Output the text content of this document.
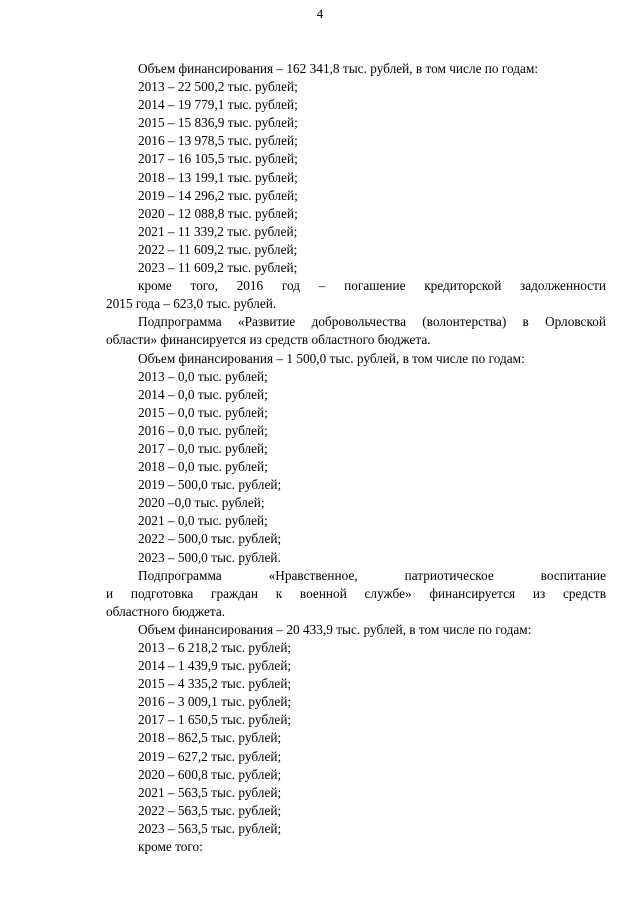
4
Объем финансирования – 162 341,8 тыс. рублей, в том числе по годам:
2013 – 22 500,2 тыс. рублей;
2014 – 19 779,1 тыс. рублей;
2015 – 15 836,9 тыс. рублей;
2016 – 13 978,5 тыс. рублей;
2017 – 16 105,5 тыс. рублей;
2018 – 13 199,1 тыс. рублей;
2019 – 14 296,2 тыс. рублей;
2020 – 12 088,8 тыс. рублей;
2021 – 11 339,2 тыс. рублей;
2022 – 11 609,2 тыс. рублей;
2023 – 11 609,2 тыс. рублей;
кроме того, 2016 год – погашение кредиторской задолженности
2015 года – 623,0 тыс. рублей.
Подпрограмма «Развитие добровольчества (волонтерства) в Орловской
области» финансируется из средств областного бюджета.
Объем финансирования – 1 500,0 тыс. рублей, в том числе по годам:
2013 – 0,0 тыс. рублей;
2014 – 0,0 тыс. рублей;
2015 – 0,0 тыс. рублей;
2016 – 0,0 тыс. рублей;
2017 – 0,0 тыс. рублей;
2018 – 0,0 тыс. рублей;
2019 – 500,0 тыс. рублей;
2020 –0,0 тыс. рублей;
2021 – 0,0 тыс. рублей;
2022 – 500,0 тыс. рублей;
2023 – 500,0 тыс. рублей.
Подпрограмма «Нравственное, патриотическое воспитание
и подготовка граждан к военной службе» финансируется из средств
областного бюджета.
Объем финансирования – 20 433,9 тыс. рублей, в том числе по годам:
2013 – 6 218,2 тыс. рублей;
2014 – 1 439,9 тыс. рублей;
2015 – 4 335,2 тыс. рублей;
2016 – 3 009,1 тыс. рублей;
2017 – 1 650,5 тыс. рублей;
2018 – 862,5 тыс. рублей;
2019 – 627,2 тыс. рублей;
2020 – 600,8 тыс. рублей;
2021 – 563,5 тыс. рублей;
2022 – 563,5 тыс. рублей;
2023 – 563,5 тыс. рублей;
кроме того:
